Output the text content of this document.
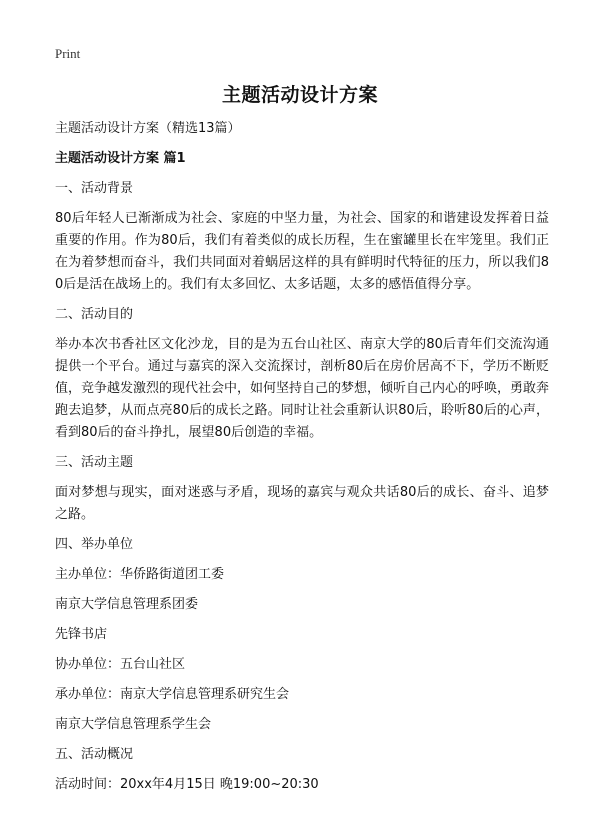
Print
主题活动设计方案

主题活动设计方案（精选13篇）

主题活动设计方案 篇1

一、活动背景

80后年轻人已渐渐成为社会、家庭的中坚力量，为社会、国家的和谐建设发挥着日益重要的作用。作为80后，我们有着类似的成长历程，生在蜜罐里长在牢笼里。我们正在为着梦想而奋斗，我们共同面对着蜗居这样的具有鲜明时代特征的压力，所以我们80后是活在战场上的。我们有太多回忆、太多话题，太多的感悟值得分享。

二、活动目的

举办本次书香社区文化沙龙，目的是为五台山社区、南京大学的80后青年们交流沟通提供一个平台。通过与嘉宾的深入交流探讨，剖析80后在房价居高不下，学历不断贬值，竞争越发激烈的现代社会中，如何坚持自己的梦想，倾听自己内心的呼唤，勇敢奔跑去追梦，从而点亮80后的成长之路。同时让社会重新认识80后，聆听80后的心声，看到80后的奋斗挣扎，展望80后创造的幸福。

三、活动主题

面对梦想与现实，面对迷惑与矛盾，现场的嘉宾与观众共话80后的成长、奋斗、追梦之路。

四、举办单位

主办单位：华侨路街道团工委

南京大学信息管理系团委

先锋书店

协办单位：五台山社区

承办单位：南京大学信息管理系研究生会

南京大学信息管理系学生会

五、活动概况

活动时间：20xx年4月15日 晚19:00~20:30
